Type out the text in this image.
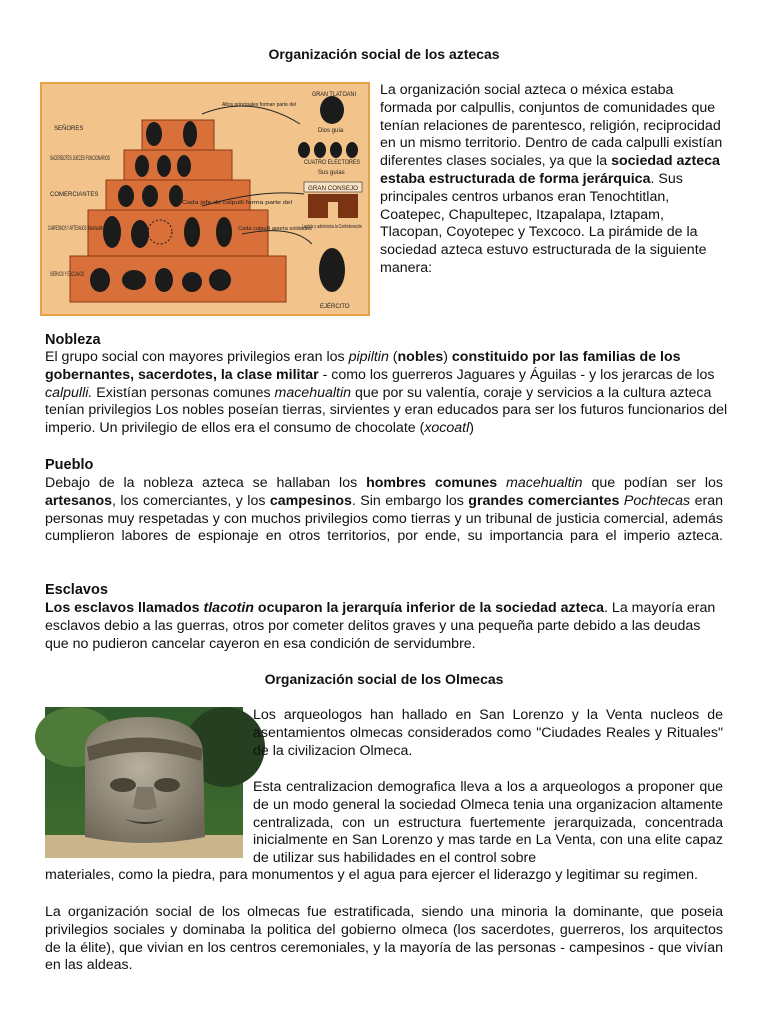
Organización social de los aztecas
SEÑORES
SACERDOTES JUECES FUNCIONARIOS
COMERCIANTES
CAMPESINOS Y ARTESANOS (Macehualtin)
SIERVOS Y ESCLAVOS
GRAN TLATOANI
Dios guía
CUATRO ELECTORES
Sus guías
GRAN CONSEJO
EJÉRCITO
Altos principales forman parte del
Cada jefe de calpulli forma parte del
Cada calpulli aporta soldados
Legisla y administra la Confederación
La organización social azteca o méxica estaba formada por calpullis, conjuntos de comunidades que tenían relaciones de parentesco, religión, reciprocidad en un mismo territorio. Dentro de cada calpulli existían diferentes clases sociales, ya que la sociedad azteca estaba estructurada de forma jerárquica. Sus principales centros urbanos eran Tenochtitlan, Coatepec, Chapultepec, Itzapalapa, Iztapam, Tlacopan, Coyotepec y Texcoco. La pirámide de la sociedad azteca estuvo estructurada de la siguiente manera:
Nobleza
El grupo social con mayores privilegios eran los pipiltin (nobles) constituido por las familias de los gobernantes, sacerdotes, la clase militar - como los guerreros Jaguares y Águilas - y los jerarcas de los calpulli. Existían personas comunes macehualtin que por su valentía, coraje y servicios a la cultura azteca tenían privilegios Los nobles poseían tierras, sirvientes y eran educados para ser los futuros funcionarios del imperio. Un privilegio de ellos era el consumo de chocolate (xocoatl)
Pueblo
Debajo de la nobleza azteca se hallaban los hombres comunes macehualtin que podían ser los artesanos, los comerciantes, y los campesinos. Sin embargo los grandes comerciantes Pochtecas eran personas muy respetadas y con muchos privilegios como tierras y un tribunal de justicia comercial, además cumplieron labores de espionaje en otros territorios, por ende, su importancia para el imperio azteca.
Esclavos
Los esclavos llamados tlacotin ocuparon la jerarquía inferior de la sociedad azteca. La mayoría eran esclavos debio a las guerras, otros por cometer delitos graves y una pequeña parte debido a las deudas que no pudieron cancelar cayeron en esa condición de servidumbre.
Organización social de los Olmecas
Los arqueologos han hallado en San Lorenzo y la Venta nucleos de asentamientos olmecas considerados como "Ciudades Reales y Rituales" de la civilizacion Olmeca.
Esta centralizacion demografica lleva a los a arqueologos a proponer que de un modo general la sociedad Olmeca tenia una organizacion altamente centralizada, con un estructura fuertemente jerarquizada, concentrada inicialmente en San Lorenzo y mas tarde en La Venta, con una elite capaz de utilizar sus habilidades en el control sobre
materiales, como la piedra, para monumentos y el agua para ejercer el liderazgo y legitimar su regimen.
La organización social de los olmecas fue estratificada, siendo una minoria la dominante, que poseia privilegios sociales y dominaba la politica del gobierno olmeca (los sacerdotes, guerreros, los arquitectos de la élite), que vivian en los centros ceremoniales, y la mayoría de las personas - campesinos - que vivían en las aldeas.
